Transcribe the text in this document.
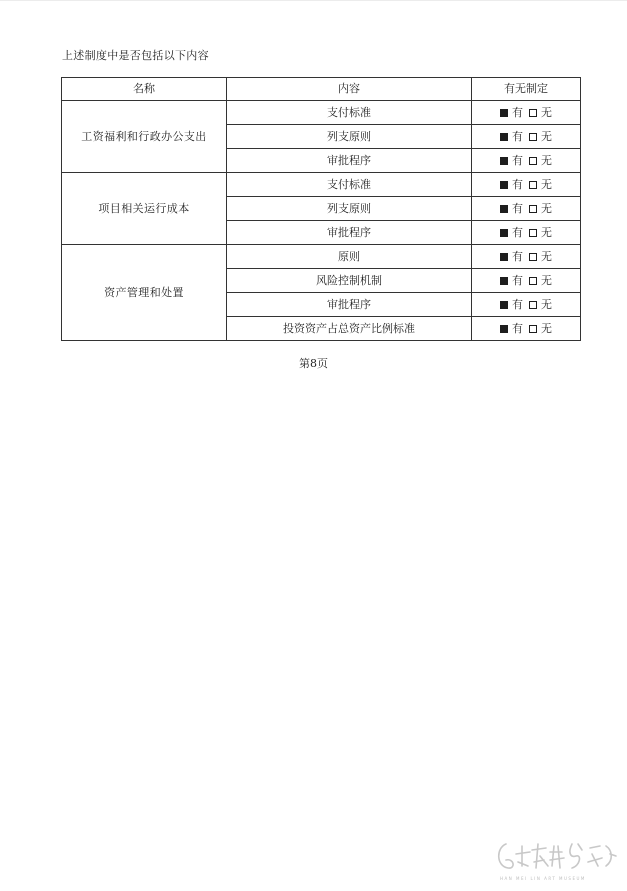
上述制度中是否包括以下内容
名称	内容	有无制定
工资福利和行政办公支出	支付标准	有 无
	列支原则	有 无
	审批程序	有 无
项目相关运行成本	支付标准	有 无
	列支原则	有 无
	审批程序	有 无
资产管理和处置	原则	有 无
	风险控制机制	有 无
	审批程序	有 无
	投资资产占总资产比例标准	有 无
第8页
HAN MEI LIN ART MUSEUM
